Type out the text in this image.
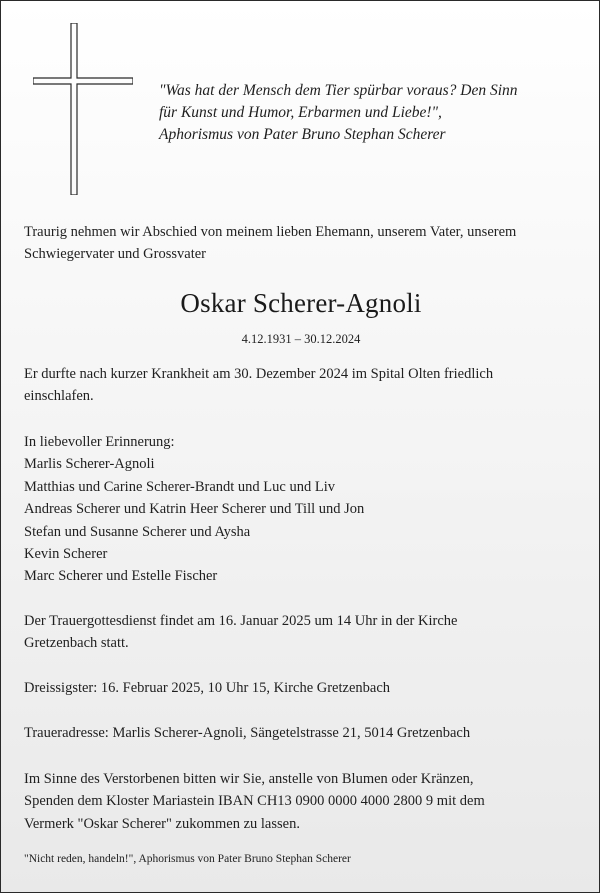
"Was hat der Mensch dem Tier spürbar voraus? Den Sinn
für Kunst und Humor, Erbarmen und Liebe!",
Aphorismus von Pater Bruno Stephan Scherer
Traurig nehmen wir Abschied von meinem lieben Ehemann, unserem Vater, unserem
Schwiegervater und Grossvater
Oskar Scherer-Agnoli
4.12.1931 – 30.12.2024
Er durfte nach kurzer Krankheit am 30. Dezember 2024 im Spital Olten friedlich
einschlafen.
In liebevoller Erinnerung:
Marlis Scherer-Agnoli
Matthias und Carine Scherer-Brandt und Luc und Liv
Andreas Scherer und Katrin Heer Scherer und Till und Jon
Stefan und Susanne Scherer und Aysha
Kevin Scherer
Marc Scherer und Estelle Fischer
Der Trauergottesdienst findet am 16. Januar 2025 um 14 Uhr in der Kirche
Gretzenbach statt.
Dreissigster: 16. Februar 2025, 10 Uhr 15, Kirche Gretzenbach
Traueradresse: Marlis Scherer-Agnoli, Sängetelstrasse 21, 5014 Gretzenbach
Im Sinne des Verstorbenen bitten wir Sie, anstelle von Blumen oder Kränzen,
Spenden dem Kloster Mariastein IBAN CH13 0900 0000 4000 2800 9 mit dem
Vermerk "Oskar Scherer" zukommen zu lassen.
"Nicht reden, handeln!", Aphorismus von Pater Bruno Stephan Scherer
